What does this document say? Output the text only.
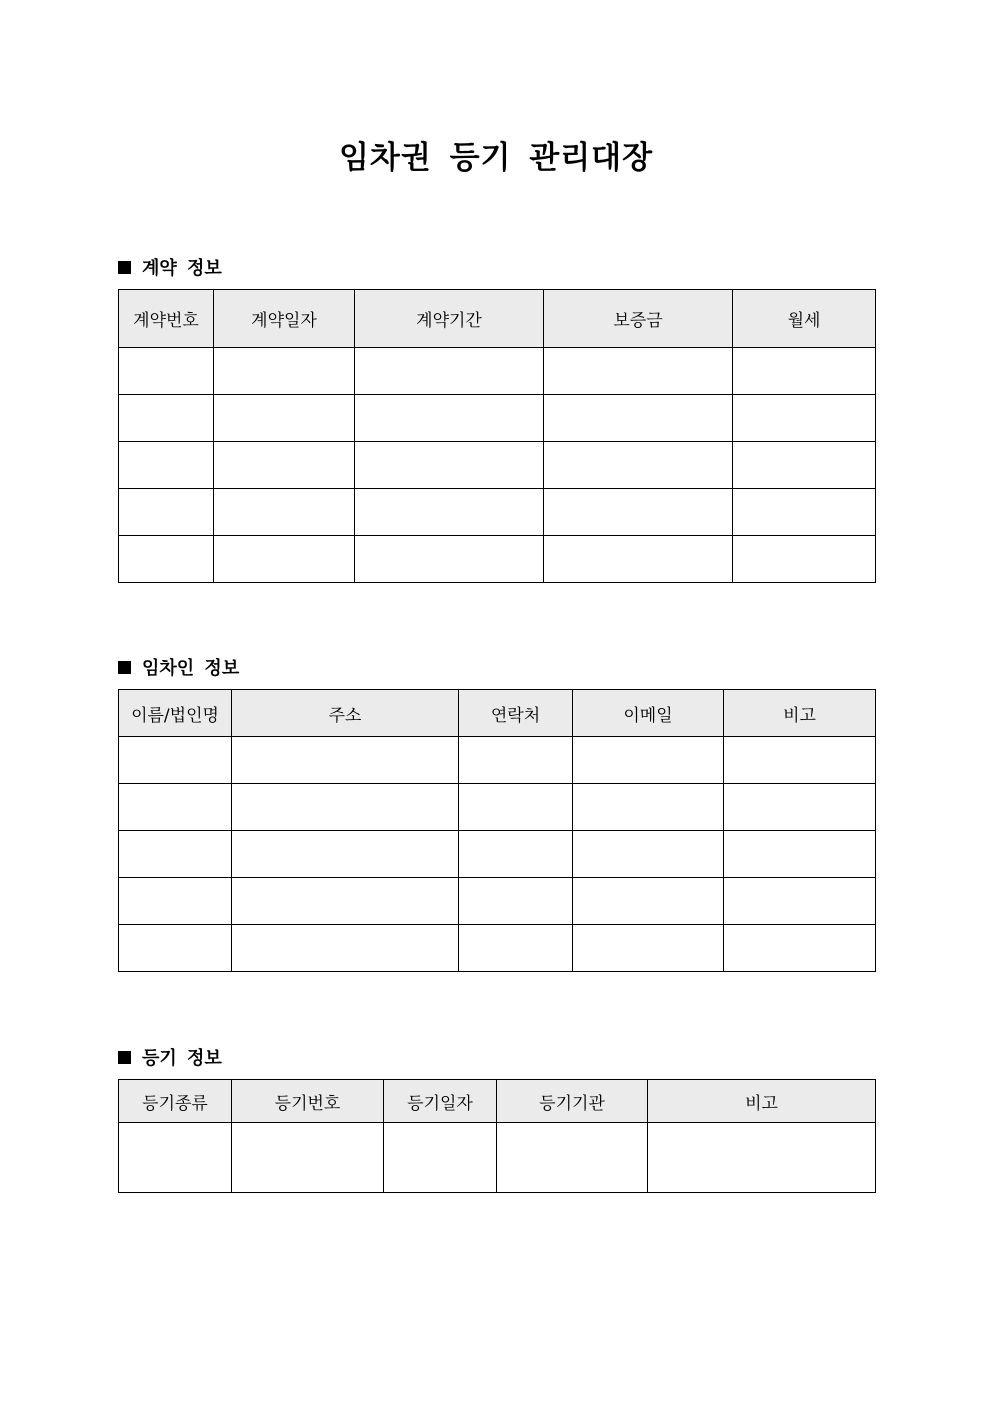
임차권 등기 관리대장
계약 정보
계약번호	계약일자	계약기간	보증금	월세

임차인 정보
이름/법인명	주소	연락처	이메일	비고

등기 정보
등기종류	등기번호	등기일자	등기기관	비고
